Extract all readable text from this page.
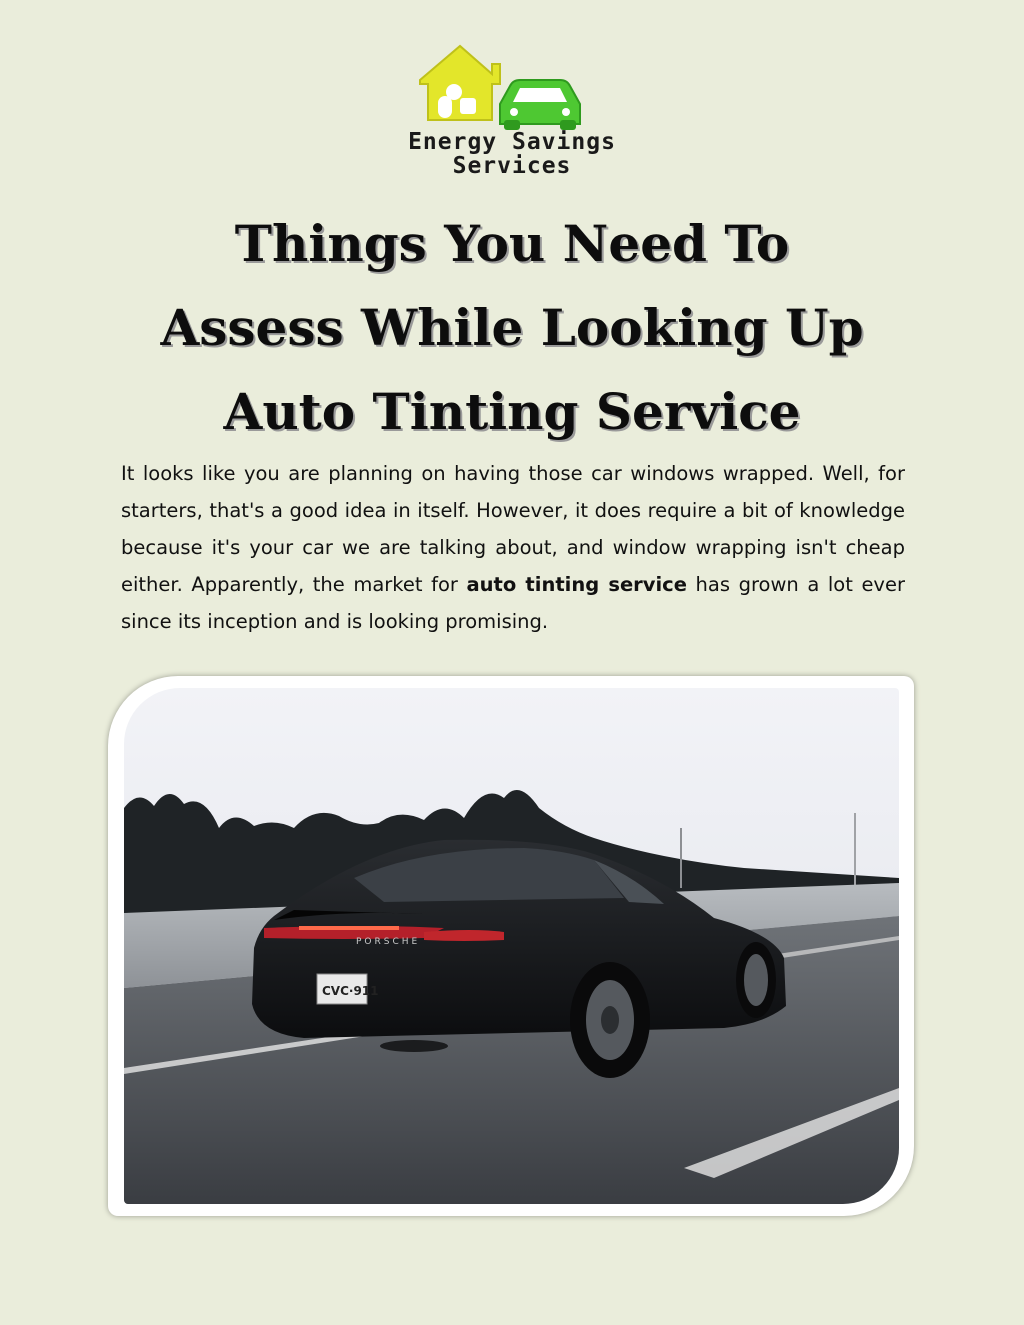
Energy Savings
Services
Things You Need To
Assess While Looking Up
Auto Tinting Service

It looks like you are planning on having those car windows wrapped. Well, for starters, that's a good idea in itself. However, it does require a bit of knowledge because it's your car we are talking about, and window wrapping isn't cheap either. Apparently, the market for auto tinting service has grown a lot ever since its inception and is looking promising.

PORSCHE
CVC·911
